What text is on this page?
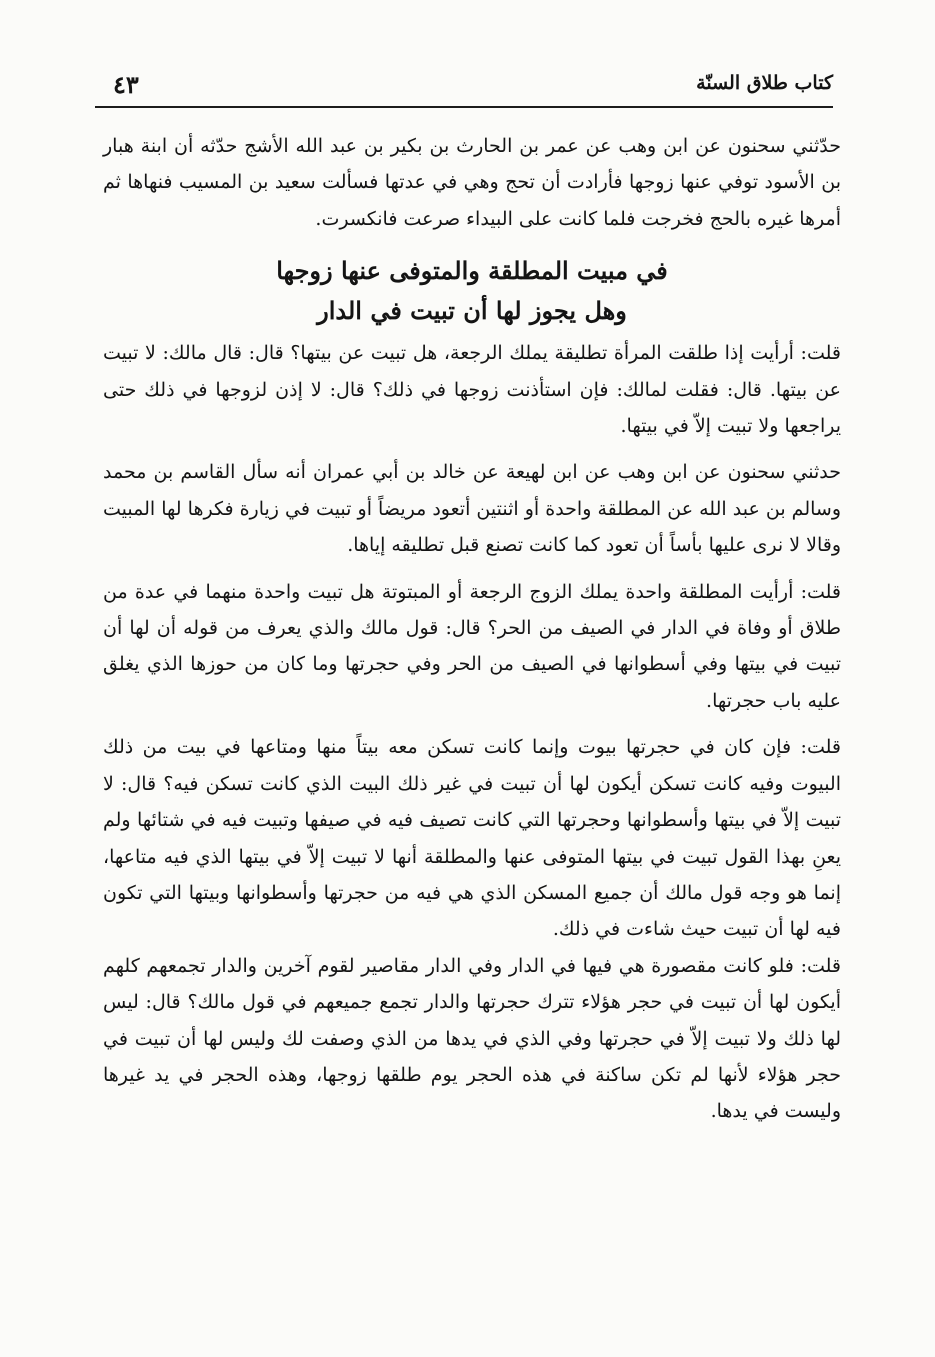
كتاب طلاق السنّة
٤٣

حدّثني سحنون عن ابن وهب عن عمر بن الحارث بن بكير بن عبد الله الأشج حدّثه أن ابنة هبار بن الأسود توفي عنها زوجها فأرادت أن تحج وهي في عدتها فسألت سعيد بن المسيب فنهاها ثم أمرها غيره بالحج فخرجت فلما كانت على البيداء صرعت فانكسرت.

في مبيت المطلقة والمتوفى عنها زوجها
وهل يجوز لها أن تبيت في الدار

قلت: أرأيت إذا طلقت المرأة تطليقة يملك الرجعة، هل تبيت عن بيتها؟ قال: قال مالك: لا تبيت عن بيتها. قال: فقلت لمالك: فإن استأذنت زوجها في ذلك؟ قال: لا إذن لزوجها في ذلك حتى يراجعها ولا تبيت إلاّ في بيتها.

حدثني سحنون عن ابن وهب عن ابن لهيعة عن خالد بن أبي عمران أنه سأل القاسم بن محمد وسالم بن عبد الله عن المطلقة واحدة أو اثنتين أتعود مريضاً أو تبيت في زيارة فكرها لها المبيت وقالا لا نرى عليها بأساً أن تعود كما كانت تصنع قبل تطليقه إياها.

قلت: أرأيت المطلقة واحدة يملك الزوج الرجعة أو المبتوتة هل تبيت واحدة منهما في عدة من طلاق أو وفاة في الدار في الصيف من الحر؟ قال: قول مالك والذي يعرف من قوله أن لها أن تبيت في بيتها وفي أسطوانها في الصيف من الحر وفي حجرتها وما كان من حوزها الذي يغلق عليه باب حجرتها.

قلت: فإن كان في حجرتها بيوت وإنما كانت تسكن معه بيتاً منها ومتاعها في بيت من ذلك البيوت وفيه كانت تسكن أيكون لها أن تبيت في غير ذلك البيت الذي كانت تسكن فيه؟ قال: لا تبيت إلاّ في بيتها وأسطوانها وحجرتها التي كانت تصيف فيه في صيفها وتبيت فيه في شتائها ولم يعنِ بهذا القول تبيت في بيتها المتوفى عنها والمطلقة أنها لا تبيت إلاّ في بيتها الذي فيه متاعها، إنما هو وجه قول مالك أن جميع المسكن الذي هي فيه من حجرتها وأسطوانها وبيتها التي تكون فيه لها أن تبيت حيث شاءت في ذلك.

قلت: فلو كانت مقصورة هي فيها في الدار وفي الدار مقاصير لقوم آخرين والدار تجمعهم كلهم أيكون لها أن تبيت في حجر هؤلاء تترك حجرتها والدار تجمع جميعهم في قول مالك؟ قال: ليس لها ذلك ولا تبيت إلاّ في حجرتها وفي الذي في يدها من الذي وصفت لك وليس لها أن تبيت في حجر هؤلاء لأنها لم تكن ساكنة في هذه الحجر يوم طلقها زوجها، وهذه الحجر في يد غيرها وليست في يدها.
